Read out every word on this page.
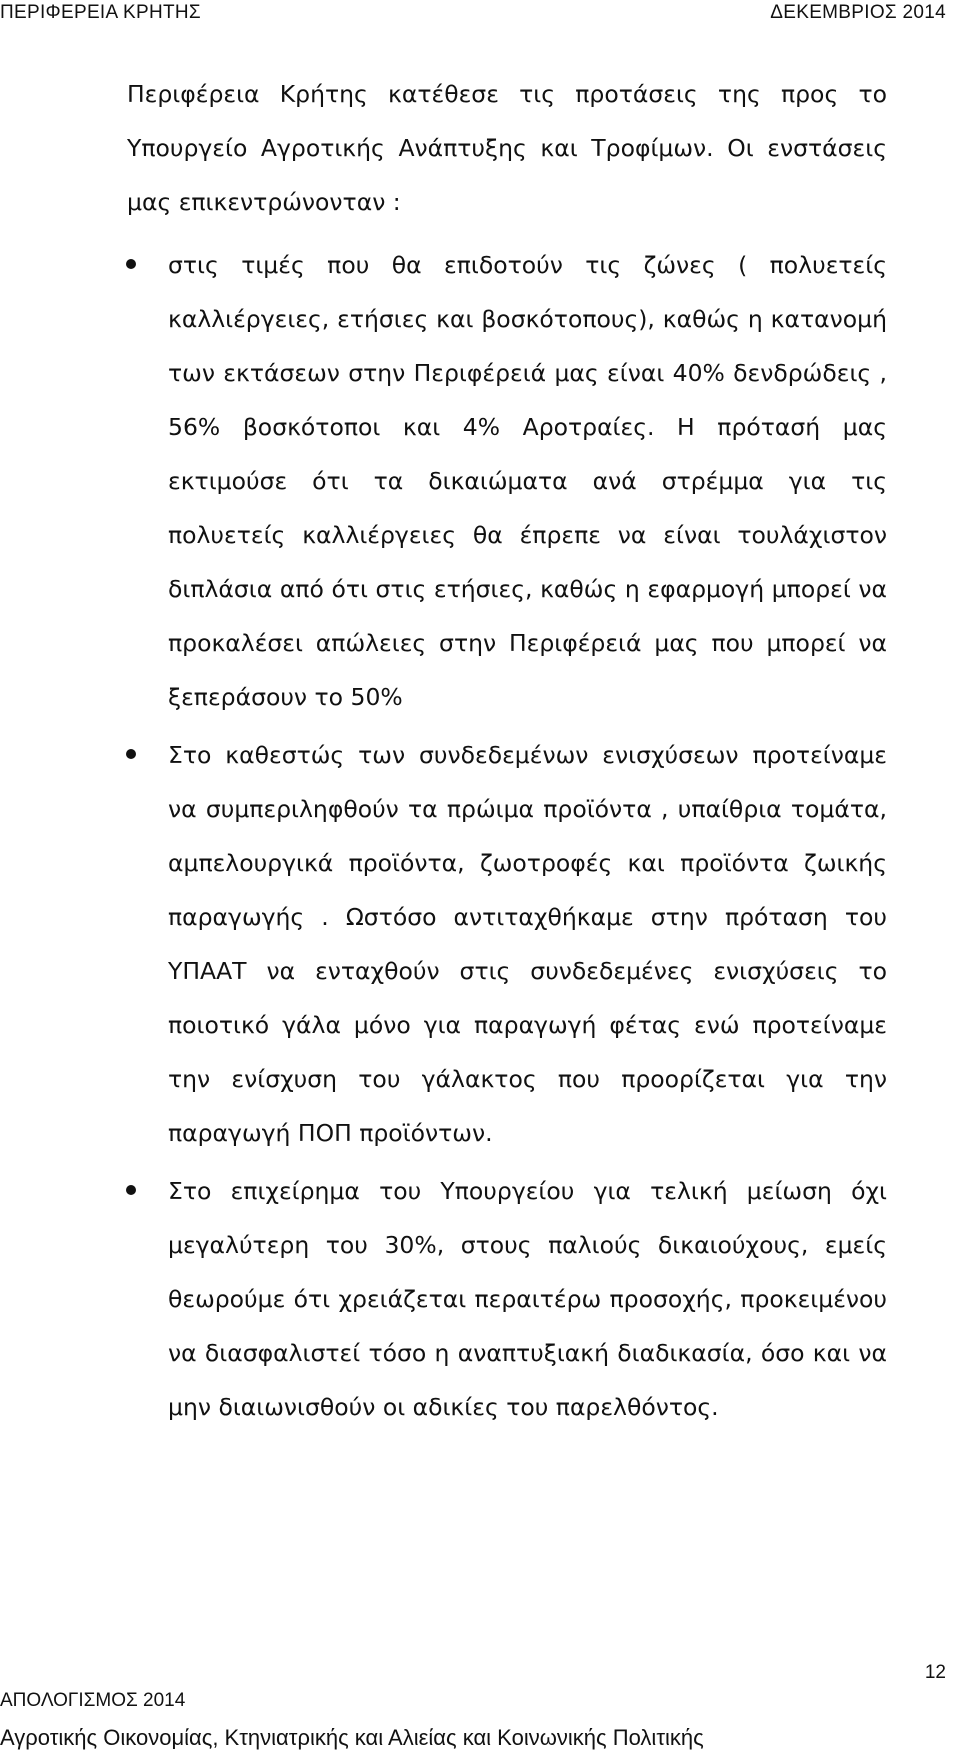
ΠΕΡΙΦΕΡΕΙΑ ΚΡΗΤΗΣ	ΔΕΚΕΜΒΡΙΟΣ 2014

Περιφέρεια Κρήτης κατέθεσε τις προτάσεις της προς το Υπουργείο Αγροτικής Ανάπτυξης και Τροφίμων. Οι ενστάσεις μας επικεντρώνονταν :

στις τιμές που θα επιδοτούν τις ζώνες ( πολυετείς καλλιέργειες, ετήσιες και βοσκότοπους), καθώς η κατανομή των εκτάσεων στην Περιφέρειά μας είναι 40% δενδρώδεις , 56% βοσκότοποι και 4% Αροτραίες. Η πρότασή μας εκτιμούσε ότι τα δικαιώματα ανά στρέμμα για τις πολυετείς καλλιέργειες θα έπρεπε να είναι τουλάχιστον διπλάσια από ότι στις ετήσιες, καθώς η εφαρμογή μπορεί να προκαλέσει απώλειες στην Περιφέρειά μας που μπορεί να ξεπεράσουν το 50%
Στο καθεστώς των συνδεδεμένων ενισχύσεων προτείναμε να συμπεριληφθούν τα πρώιμα προϊόντα , υπαίθρια τομάτα, αμπελουργικά προϊόντα, ζωοτροφές και προϊόντα ζωικής παραγωγής . Ωστόσο αντιταχθήκαμε στην πρόταση του ΥΠΑΑΤ να ενταχθούν στις συνδεδεμένες ενισχύσεις το ποιοτικό γάλα μόνο για παραγωγή φέτας ενώ προτείναμε την ενίσχυση του γάλακτος που προορίζεται για την παραγωγή ΠΟΠ προϊόντων.
Στο επιχείρημα του Υπουργείου για τελική μείωση όχι μεγαλύτερη του 30%, στους παλιούς δικαιούχους, εμείς θεωρούμε ότι χρειάζεται περαιτέρω προσοχής, προκειμένου να διασφαλιστεί τόσο η αναπτυξιακή διαδικασία, όσο και να μην διαιωνισθούν οι αδικίες του παρελθόντος.
12
ΑΠΟΛΟΓΙΣΜΟΣ 2014
Αγροτικής Οικονομίας, Κτηνιατρικής και Αλιείας και Κοινωνικής Πολιτικής
